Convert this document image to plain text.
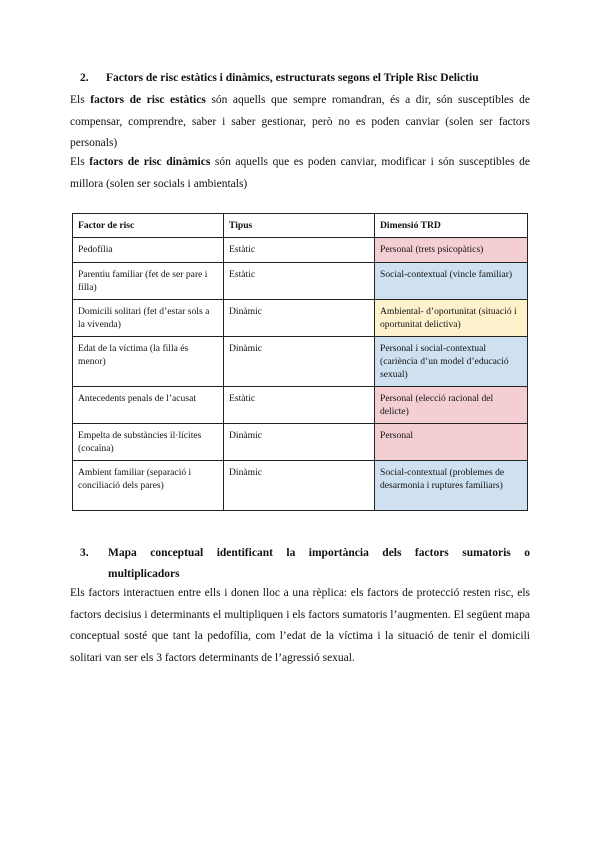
2. Factors de risc estàtics i dinàmics, estructurats segons el Triple Risc Delictiu
Els factors de risc estàtics són aquells que sempre romandran, és a dir, són susceptibles de compensar, comprendre, saber i saber gestionar, però no es poden canviar (solen ser factors personals)
Els factors de risc dinàmics són aquells que es poden canviar, modificar i són susceptibles de millora (solen ser socials i ambientals)
Factor de risc	Tipus	Dimensió TRD
Pedofília	Estàtic	Personal (trets psicopàtics)
Parentiu familiar (fet de ser pare i filla)	Estàtic	Social-contextual (vincle familiar)
Domicili solitari (fet d’estar sols a la vivenda)	Dinàmic	Ambiental- d’oportunitat (situació i oportunitat delictiva)
Edat de la víctima (la filla és menor)	Dinàmic	Personal i social-contextual (cariència d’un model d’educació sexual)
Antecedents penals de l’acusat	Estàtic	Personal (elecció racional del delicte)
Empelta de substàncies il·lícites (cocaïna)	Dinàmic	Personal
Ambient familiar (separació i conciliació dels pares)	Dinàmic	Social-contextual (problemes de desarmonia i ruptures familiars)
3.	Mapa conceptual identificant la importància dels factors sumatoris o
multiplicadors
Els factors interactuen entre ells i donen lloc a una rèplica: els factors de protecció resten risc, els factors decisius i determinants el multipliquen i els factors sumatoris l’augmenten. El següent mapa conceptual sosté que tant la pedofília, com l’edat de la víctima i la situació de tenir el domicili solitari van ser els 3 factors determinants de l’agressió sexual.
